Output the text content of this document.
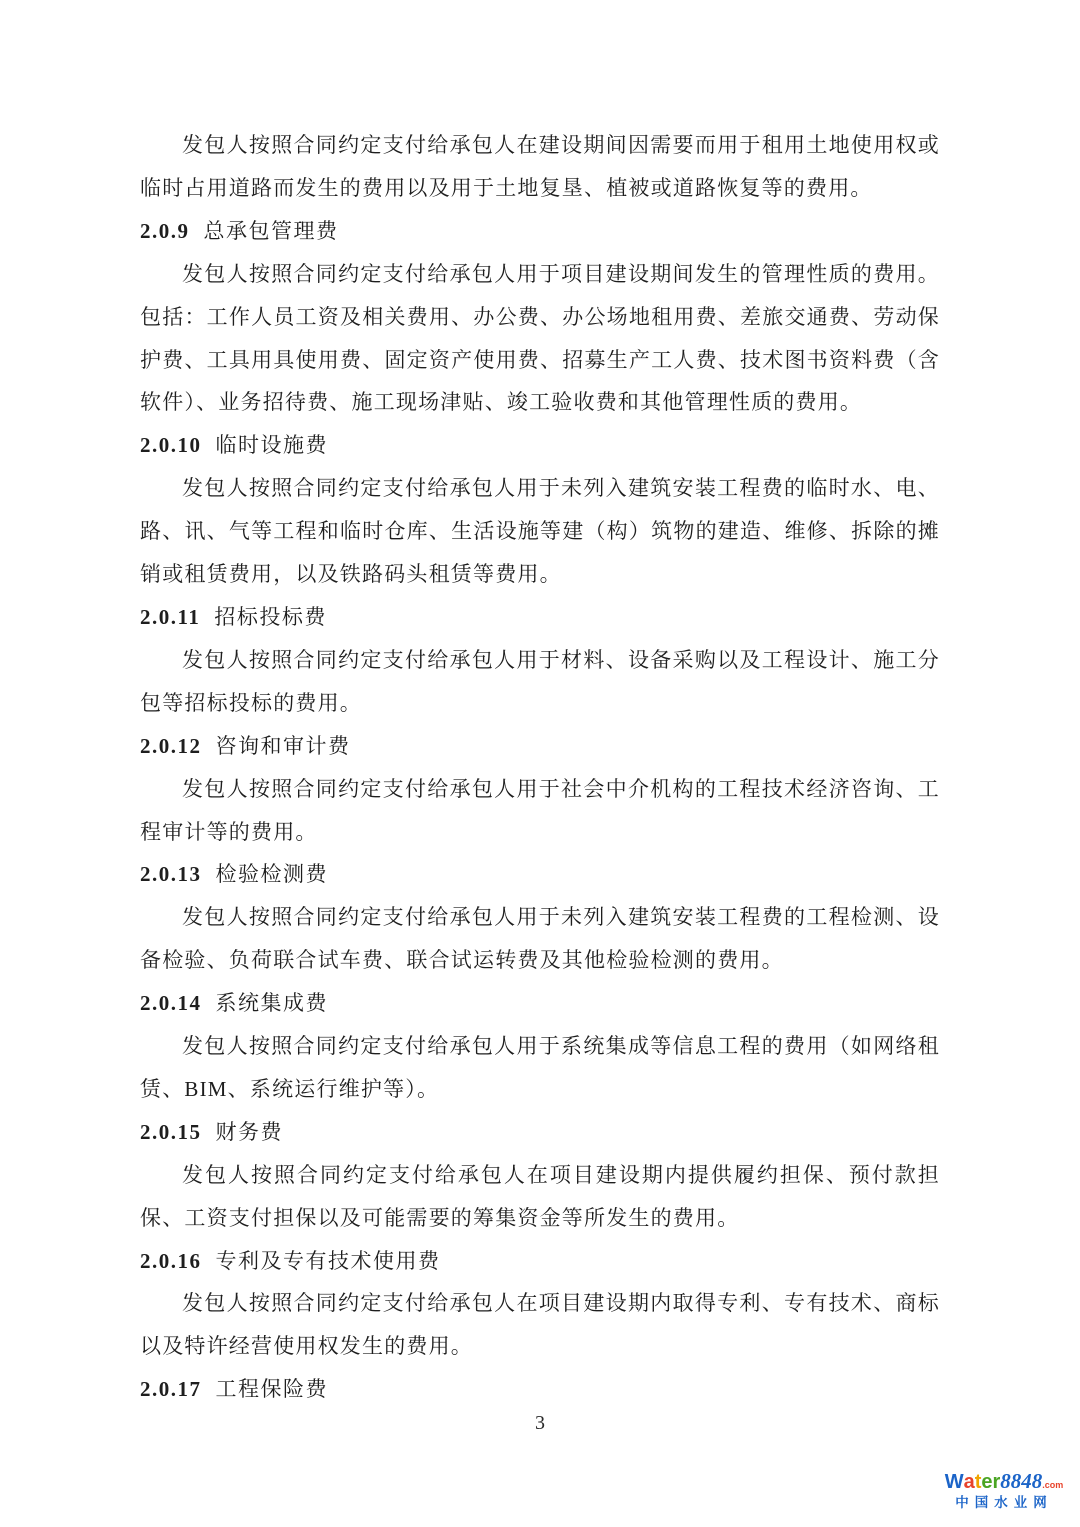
发包人按照合同约定支付给承包人在建设期间因需要而用于租用土地使用权或临时占用道路而发生的费用以及用于土地复垦、植被或道路恢复等的费用。

2.0.9 总承包管理费

发包人按照合同约定支付给承包人用于项目建设期间发生的管理性质的费用。包括：工作人员工资及相关费用、办公费、办公场地租用费、差旅交通费、劳动保护费、工具用具使用费、固定资产使用费、招募生产工人费、技术图书资料费（含软件）、业务招待费、施工现场津贴、竣工验收费和其他管理性质的费用。

2.0.10 临时设施费

发包人按照合同约定支付给承包人用于未列入建筑安装工程费的临时水、电、路、讯、气等工程和临时仓库、生活设施等建（构）筑物的建造、维修、拆除的摊销或租赁费用，以及铁路码头租赁等费用。

2.0.11 招标投标费

发包人按照合同约定支付给承包人用于材料、设备采购以及工程设计、施工分包等招标投标的费用。

2.0.12 咨询和审计费

发包人按照合同约定支付给承包人用于社会中介机构的工程技术经济咨询、工程审计等的费用。

2.0.13 检验检测费

发包人按照合同约定支付给承包人用于未列入建筑安装工程费的工程检测、设备检验、负荷联合试车费、联合试运转费及其他检验检测的费用。

2.0.14 系统集成费

发包人按照合同约定支付给承包人用于系统集成等信息工程的费用（如网络租赁、BIM、系统运行维护等）。

2.0.15 财务费

发包人按照合同约定支付给承包人在项目建设期内提供履约担保、预付款担保、工资支付担保以及可能需要的筹集资金等所发生的费用。

2.0.16 专利及专有技术使用费

发包人按照合同约定支付给承包人在项目建设期内取得专利、专有技术、商标以及特许经营使用权发生的费用。

2.0.17 工程保险费

3
Water8848.com
中国水业网
